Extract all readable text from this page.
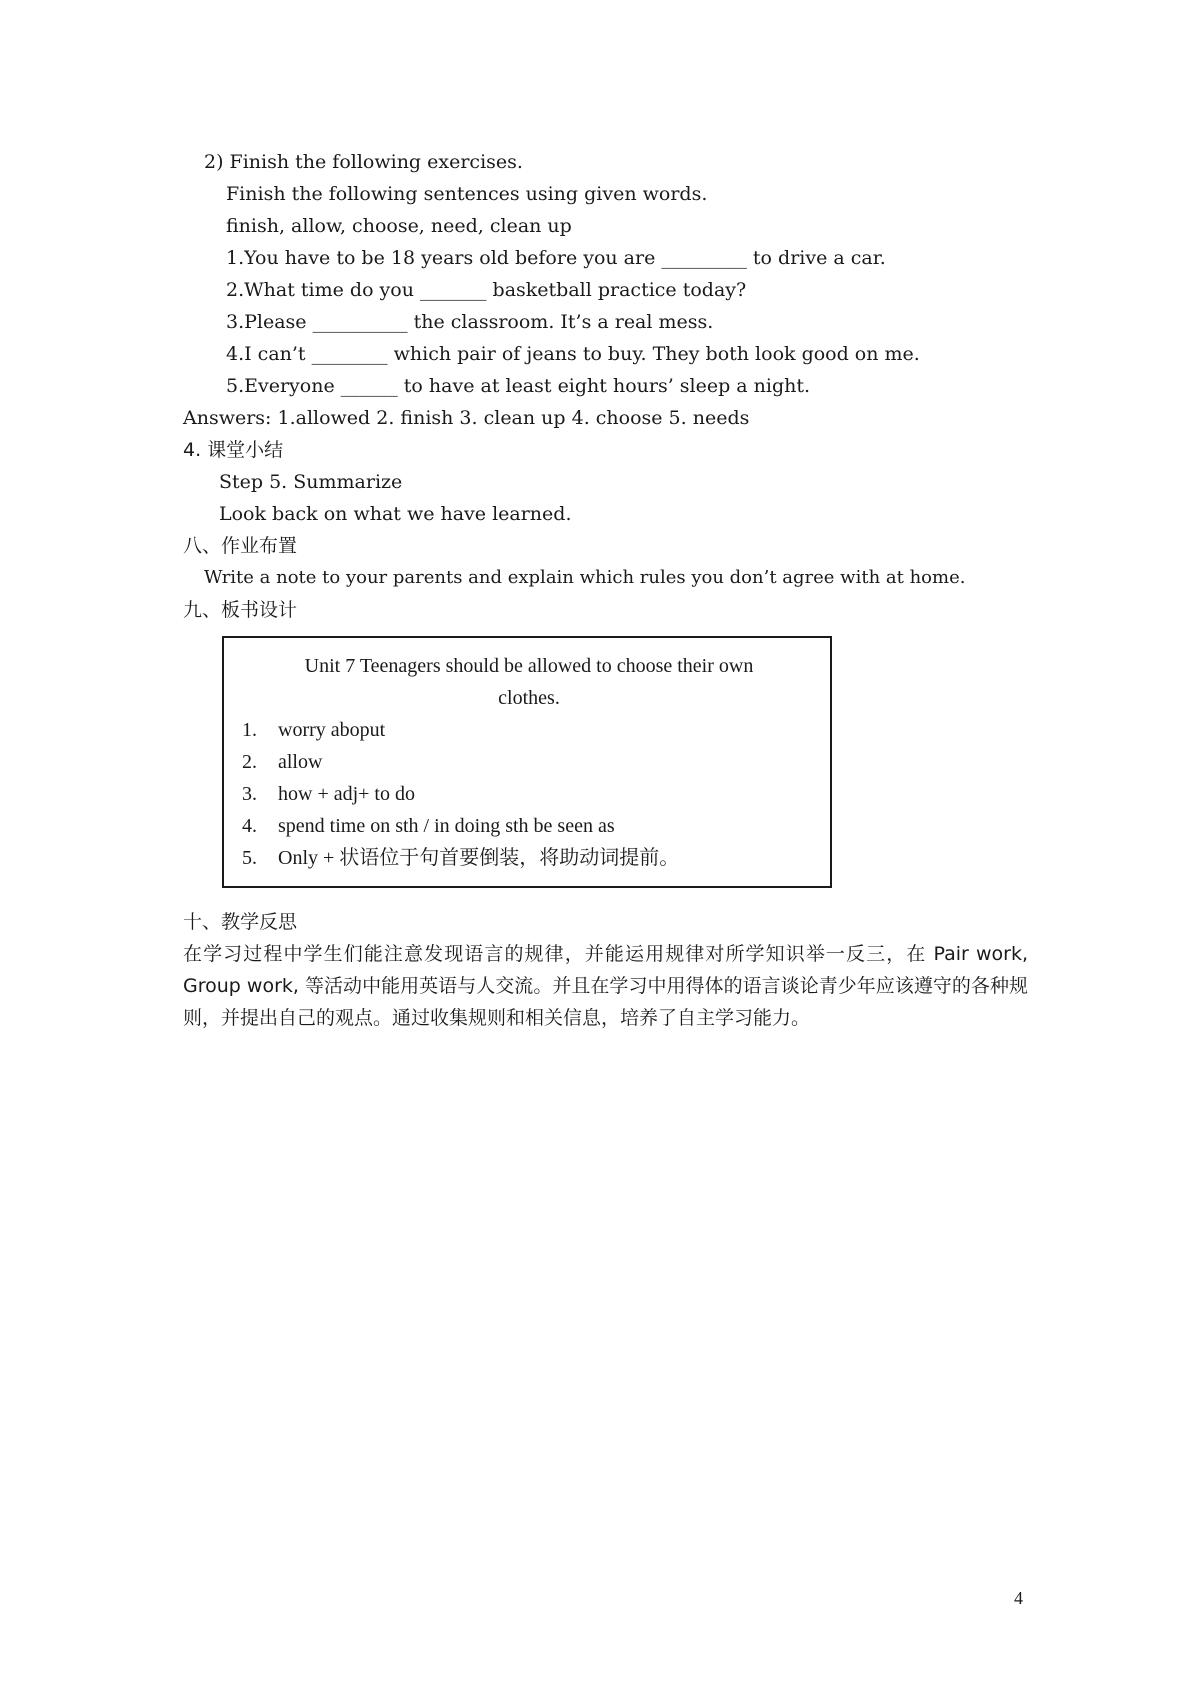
2) Finish the following exercises.
Finish the following sentences using given words.
finish, allow, choose, need, clean up
1.You have to be 18 years old before you are _________ to drive a car.
2.What time do you _______ basketball practice today?
3.Please __________ the classroom. It’s a real mess.
4.I can’t ________ which pair of jeans to buy. They both look good on me.
5.Everyone ______ to have at least eight hours’ sleep a night.
Answers: 1.allowed 2. finish 3. clean up 4. choose 5. needs
4. 课堂小结
Step 5. Summarize
Look back on what we have learned.
八、作业布置
Write a note to your parents and explain which rules you don’t agree with at home.
九、板书设计
Unit 7 Teenagers should be allowed to choose their own
clothes.
1. worry aboput
2. allow
3. how + adj+ to do
4. spend time on sth / in doing sth be seen as
5. Only + 状语位于句首要倒装，将助动词提前。
十、教学反思
在学习过程中学生们能注意发现语言的规律，并能运用规律对所学知识举一反三，在 Pair work, Group work, 等活动中能用英语与人交流。并且在学习中用得体的语言谈论青少年应该遵守的各种规则，并提出自己的观点。通过收集规则和相关信息，培养了自主学习能力。
4
